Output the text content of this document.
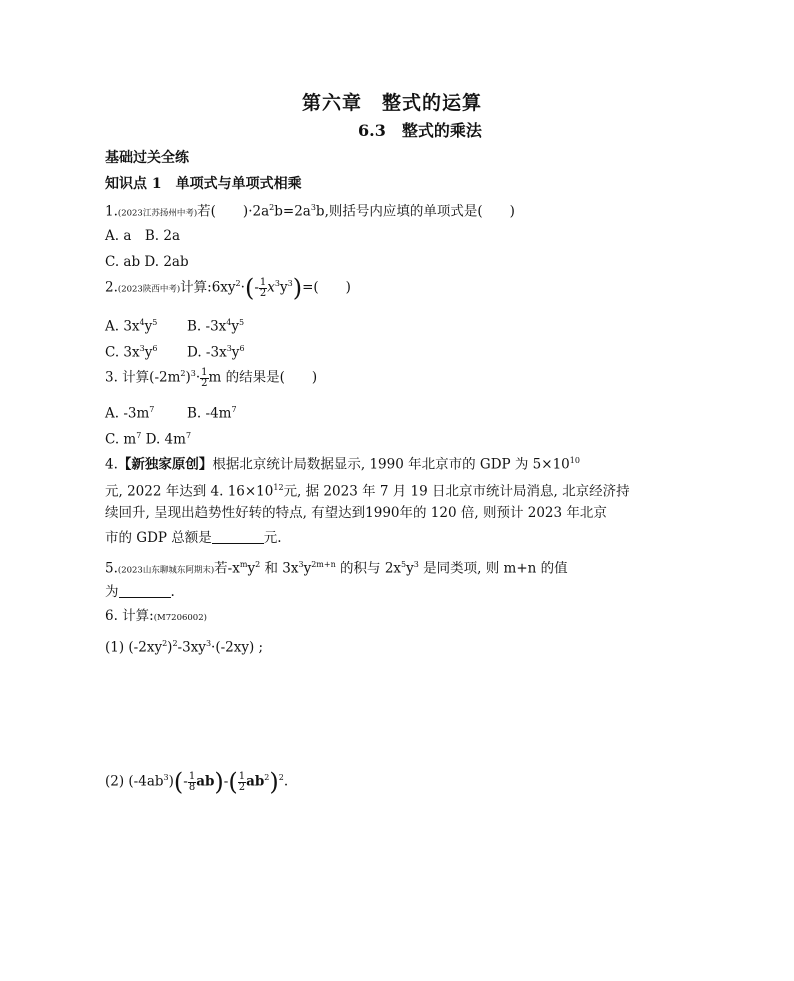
第六章　整式的运算
6.3　整式的乘法
基础过关全练
知识点 1　单项式与单项式相乘
1.(2023江苏扬州中考)若(　　)$\cdot 2a^2b=2a^3b$,则括号内应填的单项式是(　　)
A. a　B. 2a
C. ab D. 2ab
2.(2023陕西中考)计算$:6xy^2\cdot(- \frac{1}{2} x^3y^3)=$(　　)
A. $3x^4y^5$ B. $-3x^4y^5$
C. $3x^3y^6$ D. $-3x^3y^6$
3. 计算$(-2m^2)^3\cdot \frac{1}{2}$ m 的结果是(　　)
A. $-3m^7$ B. $-4m^7$
C. $m^7$ D. $4m^7$
4.【新独家原创】根据北京统计局数据显示, 1990 年北京市的 GDP 为 $5\times 10^{10}$
元, 2022 年达到 4. $16\times 10^{12}$元, 据 2023 年 7 月 19 日北京市统计局消息, 北京经济持
续回升, 呈现出趋势性好转的特点, 有望达到1990年的 120 倍, 则预计 2023 年北京
市的 GDP 总额是	元.
5.(2023山东聊城东阿期末)若$-x^my^2$ 和 $3x^3y^{2m+n}$ 的积与 $2x^5y^3$ 是同类项, 则 m+n 的值
为	.
6. 计算:(M7206002)
(1) $(-2xy^2)^2-3xy^3\cdot(-2xy)$ ;
(2) $(-4ab^3)(- \frac{1}{8} ab)-( \frac{1}{2} ab^2)^2$.
